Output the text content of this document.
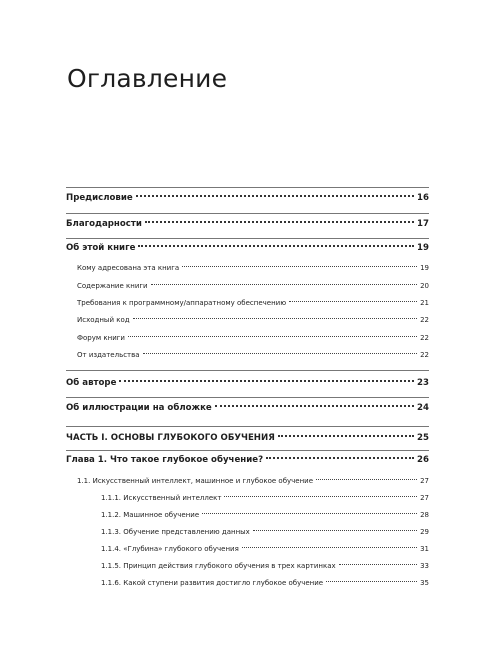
Оглавление
Предисловие	16
Благодарности	17
Об этой книге	19
Кому адресована эта книга	19
Содержание книги	20
Требования к программному/аппаратному обеспечению	21
Исходный код	22
Форум книги	22
От издательства	22
Об авторе	23
Об иллюстрации на обложке	24
ЧАСТЬ I. ОСНОВЫ ГЛУБОКОГО ОБУЧЕНИЯ	25
Глава 1. Что такое глубокое обучение?	26
1.1. Искусственный интеллект, машинное и глубокое обучение	27
1.1.1. Искусственный интеллект	27
1.1.2. Машинное обучение	28
1.1.3. Обучение представлению данных	29
1.1.4. «Глубина» глубокого обучения	31
1.1.5. Принцип действия глубокого обучения в трех картинках	33
1.1.6. Какой ступени развития достигло глубокое обучение	35
